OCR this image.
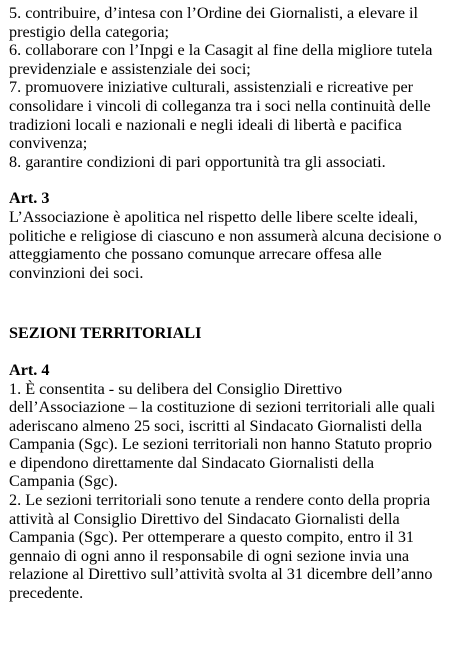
5. contribuire, d’intesa con l’Ordine dei Giornalisti, a elevare il
prestigio della categoria;
6. collaborare con l’Inpgi e la Casagit al fine della migliore tutela
previdenziale e assistenziale dei soci;
7. promuovere iniziative culturali, assistenziali e ricreative per
consolidare i vincoli di colleganza tra i soci nella continuità delle
tradizioni locali e nazionali e negli ideali di libertà e pacifica
convivenza;
8. garantire condizioni di pari opportunità tra gli associati.
Art. 3
L’Associazione è apolitica nel rispetto delle libere scelte ideali,
politiche e religiose di ciascuno e non assumerà alcuna decisione o
atteggiamento che possano comunque arrecare offesa alle
convinzioni dei soci.
SEZIONI TERRITORIALI
Art. 4
1. È consentita - su delibera del Consiglio Direttivo
dell’Associazione – la costituzione di sezioni territoriali alle quali
aderiscano almeno 25 soci, iscritti al Sindacato Giornalisti della
Campania (Sgc). Le sezioni territoriali non hanno Statuto proprio
e dipendono direttamente dal Sindacato Giornalisti della
Campania (Sgc).
2. Le sezioni territoriali sono tenute a rendere conto della propria
attività al Consiglio Direttivo del Sindacato Giornalisti della
Campania (Sgc). Per ottemperare a questo compito, entro il 31
gennaio di ogni anno il responsabile di ogni sezione invia una
relazione al Direttivo sull’attività svolta al 31 dicembre dell’anno
precedente.
